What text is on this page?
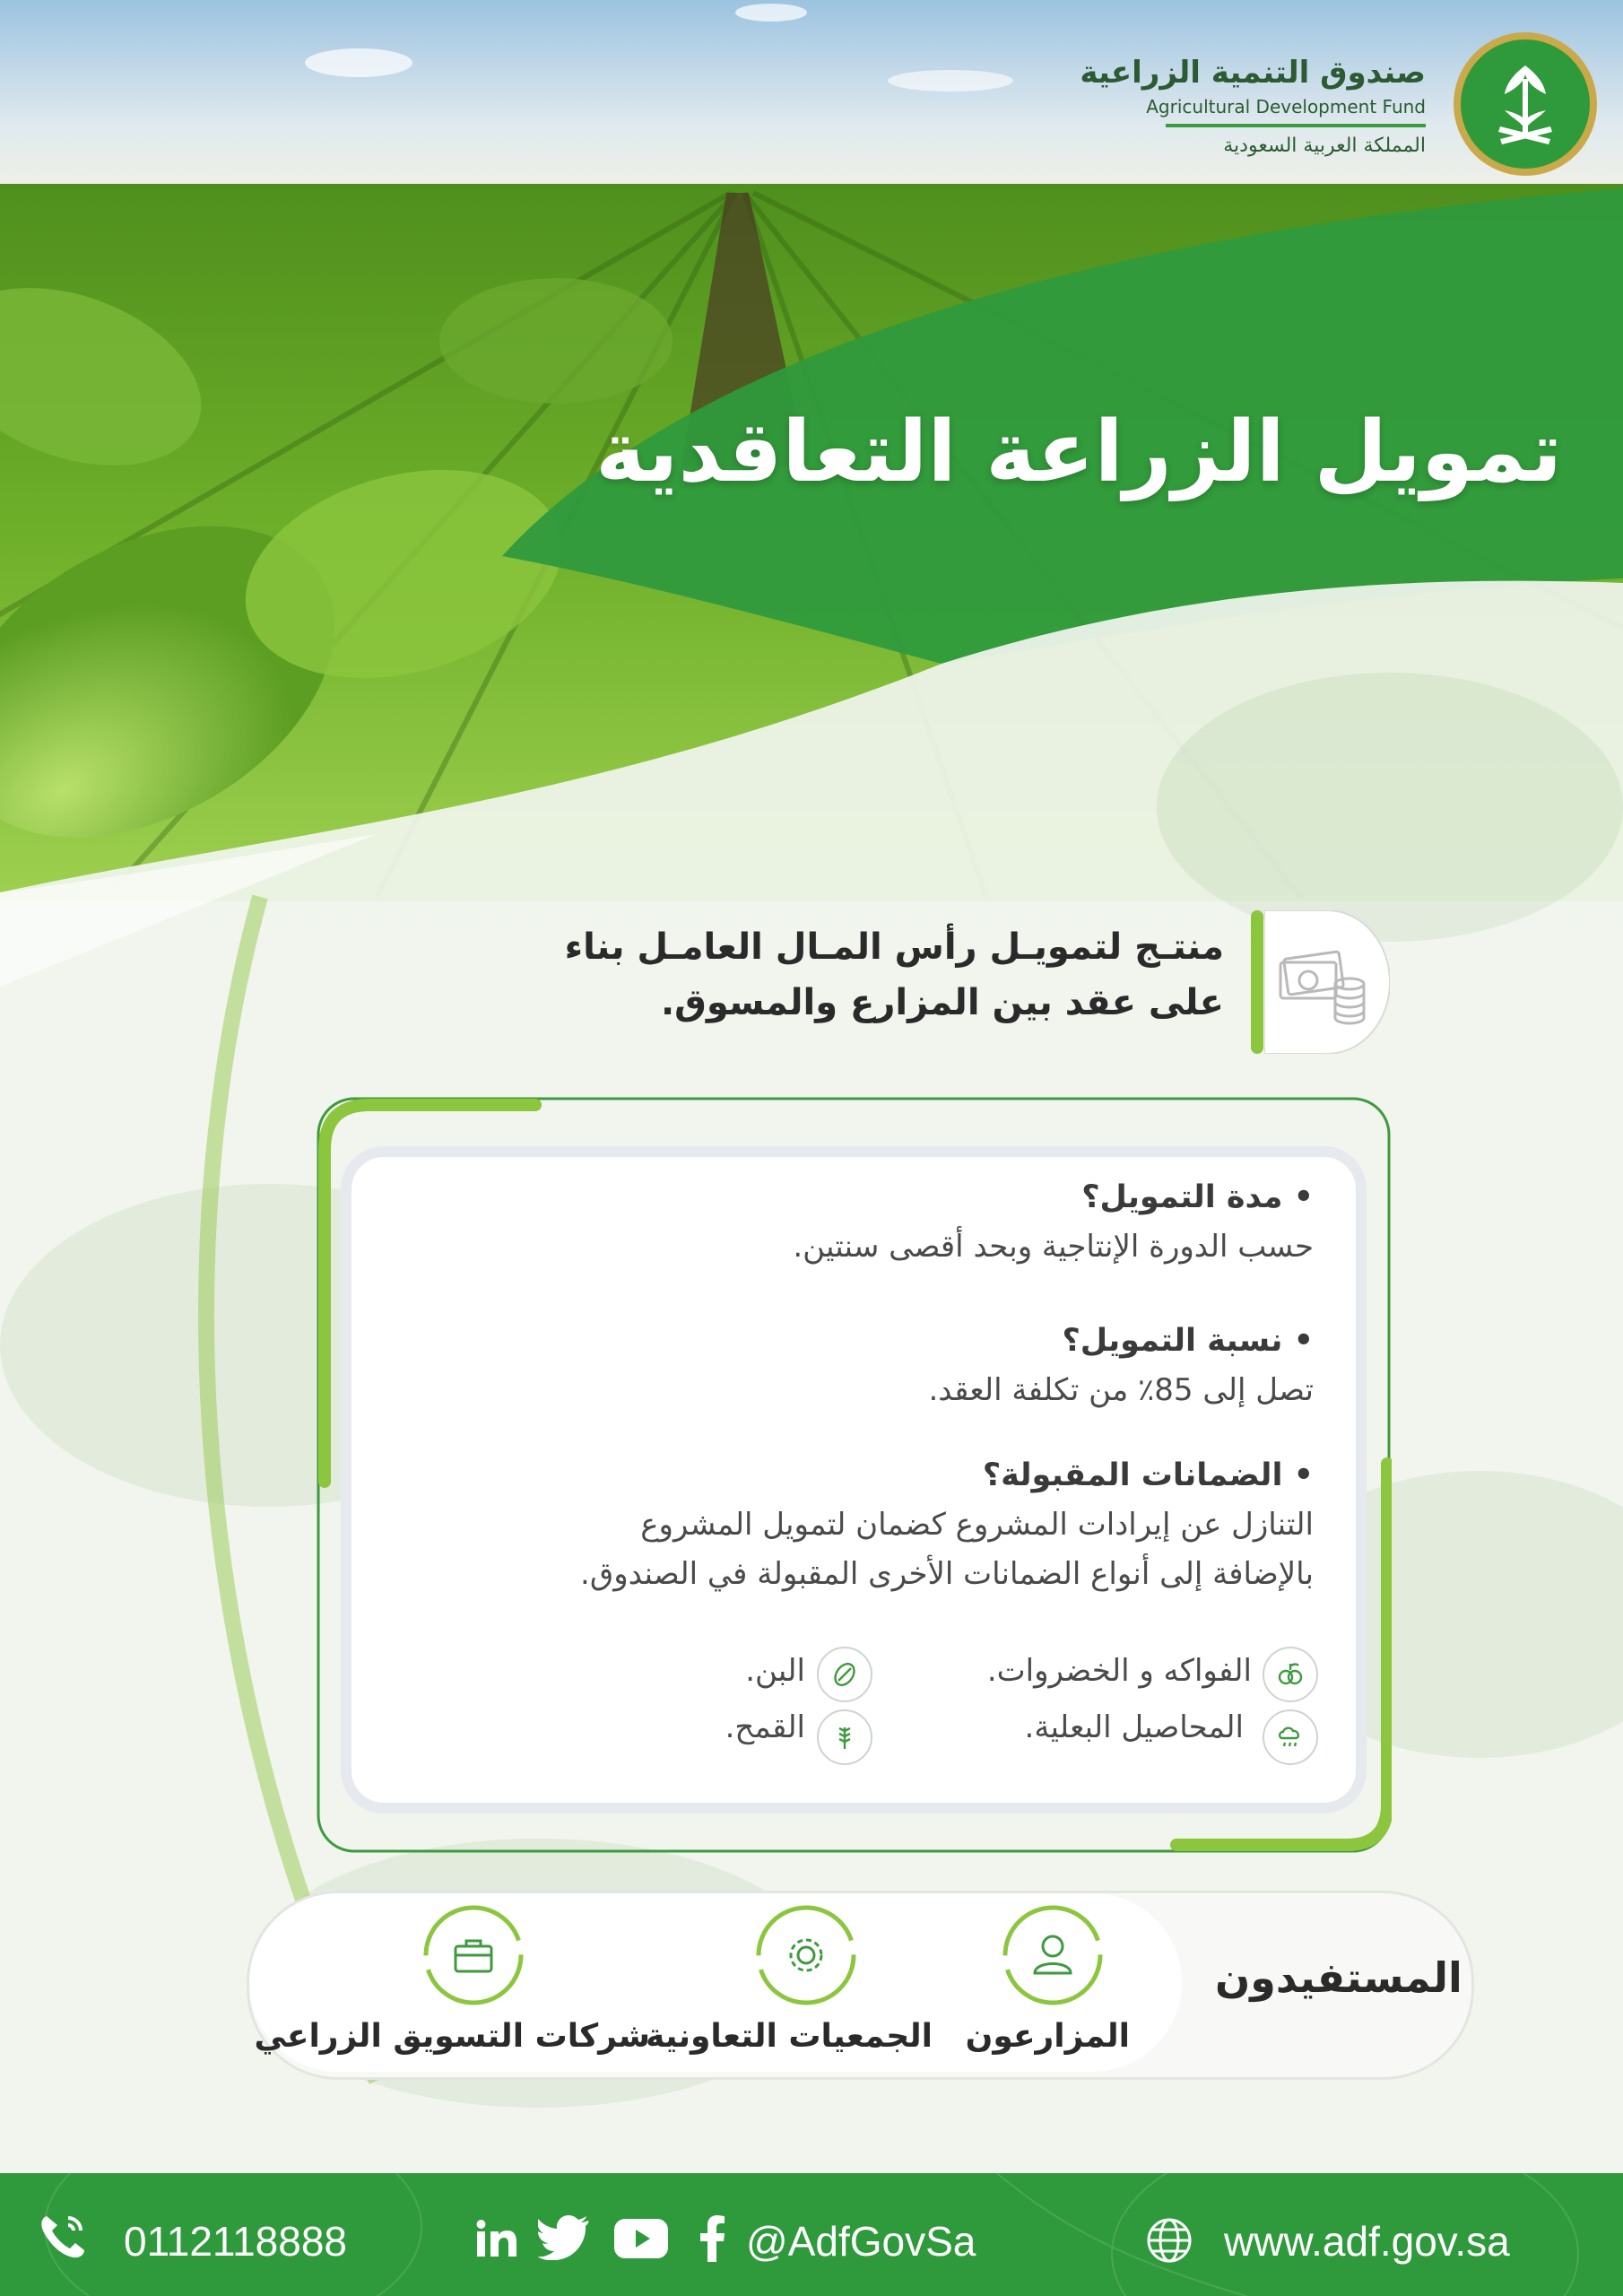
صندوق التنمية الزراعية
Agricultural Development Fund
المملكة العربية السعودية
تمويل الزراعة التعاقدية
منتـج لتمويـل رأس المـال العامـل بناء
على عقد بين المزارع والمسوق.
• مدة التمويل؟
حسب الدورة الإنتاجية وبحد أقصى سنتين.
• نسبة التمويل؟
تصل إلى 85٪ من تكلفة العقد.
• الضمانات المقبولة؟
التنازل عن إيرادات المشروع كضمان لتمويل المشروع
بالإضافة إلى أنواع الضمانات الأخرى المقبولة في الصندوق.
الفواكه و الخضروات.
البن.
المحاصيل البعلية.
القمح.
المستفيدون
المزارعون
الجمعيات التعاونية
شركات التسويق الزراعي
0112118888	@AdfGovSa	www.adf.gov.sa
